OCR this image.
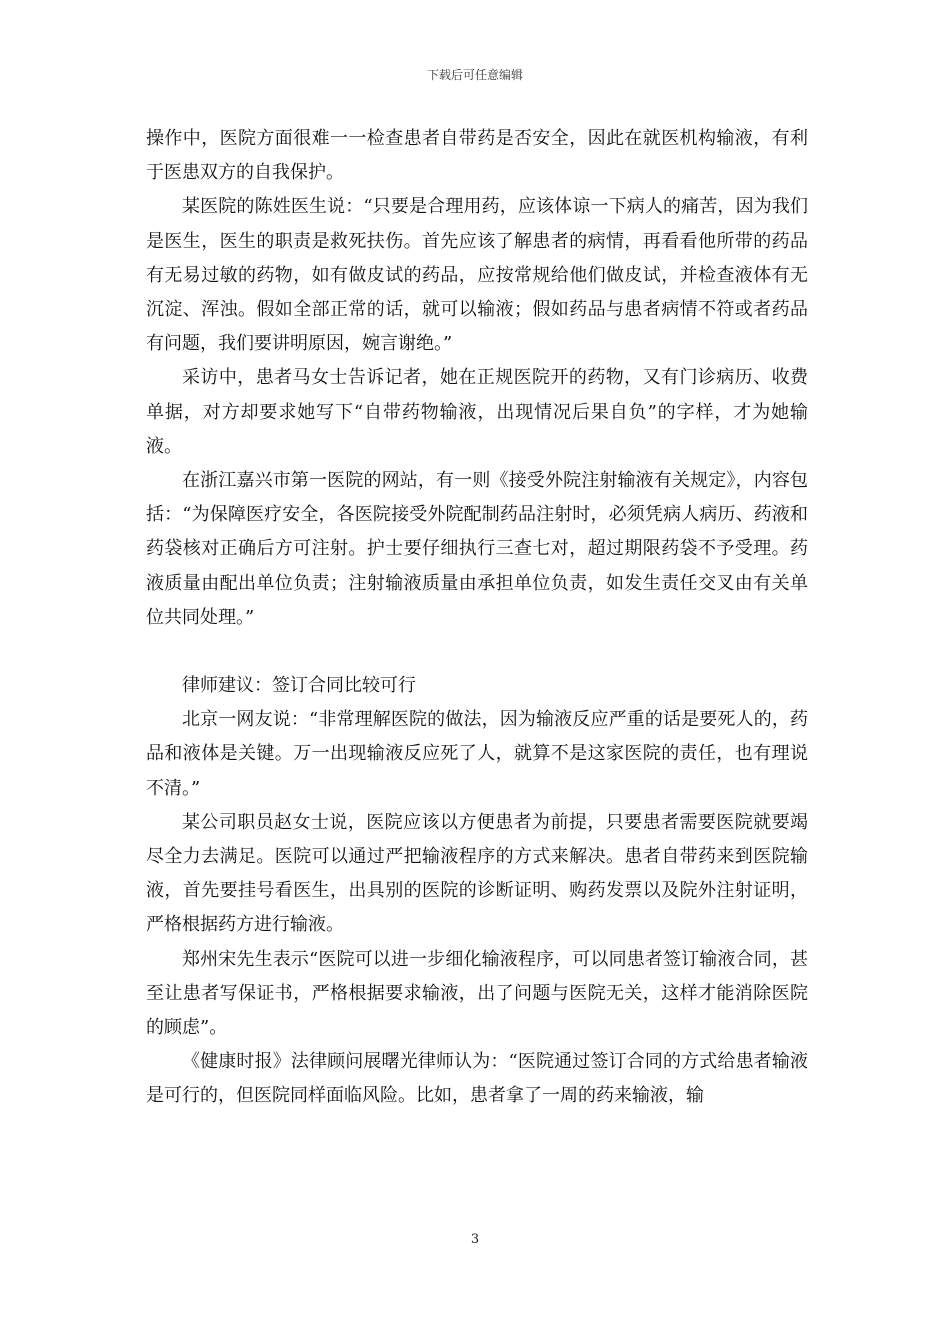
下载后可任意编辑

操作中，医院方面很难一一检查患者自带药是否安全，因此在就医机构输液，有利于医患双方的自我保护。

某医院的陈姓医生说：“只要是合理用药，应该体谅一下病人的痛苦，因为我们是医生，医生的职责是救死扶伤。首先应该了解患者的病情，再看看他所带的药品有无易过敏的药物，如有做皮试的药品，应按常规给他们做皮试，并检查液体有无沉淀、浑浊。假如全部正常的话，就可以输液；假如药品与患者病情不符或者药品有问题，我们要讲明原因，婉言谢绝。”

采访中，患者马女士告诉记者，她在正规医院开的药物，又有门诊病历、收费单据，对方却要求她写下“自带药物输液，出现情况后果自负”的字样，才为她输液。

在浙江嘉兴市第一医院的网站，有一则《接受外院注射输液有关规定》，内容包括：“为保障医疗安全，各医院接受外院配制药品注射时，必须凭病人病历、药液和药袋核对正确后方可注射。护士要仔细执行三查七对，超过期限药袋不予受理。药液质量由配出单位负责；注射输液质量由承担单位负责，如发生责任交叉由有关单位共同处理。”

律师建议：签订合同比较可行

北京一网友说：“非常理解医院的做法，因为输液反应严重的话是要死人的，药品和液体是关键。万一出现输液反应死了人，就算不是这家医院的责任，也有理说不清。”

某公司职员赵女士说，医院应该以方便患者为前提，只要患者需要医院就要竭尽全力去满足。医院可以通过严把输液程序的方式来解决。患者自带药来到医院输液，首先要挂号看医生，出具别的医院的诊断证明、购药发票以及院外注射证明，严格根据药方进行输液。

郑州宋先生表示“医院可以进一步细化输液程序，可以同患者签订输液合同，甚至让患者写保证书，严格根据要求输液，出了问题与医院无关，这样才能消除医院的顾虑”。

《健康时报》法律顾问展曙光律师认为：“医院通过签订合同的方式给患者输液是可行的，但医院同样面临风险。比如，患者拿了一周的药来输液，输

3
